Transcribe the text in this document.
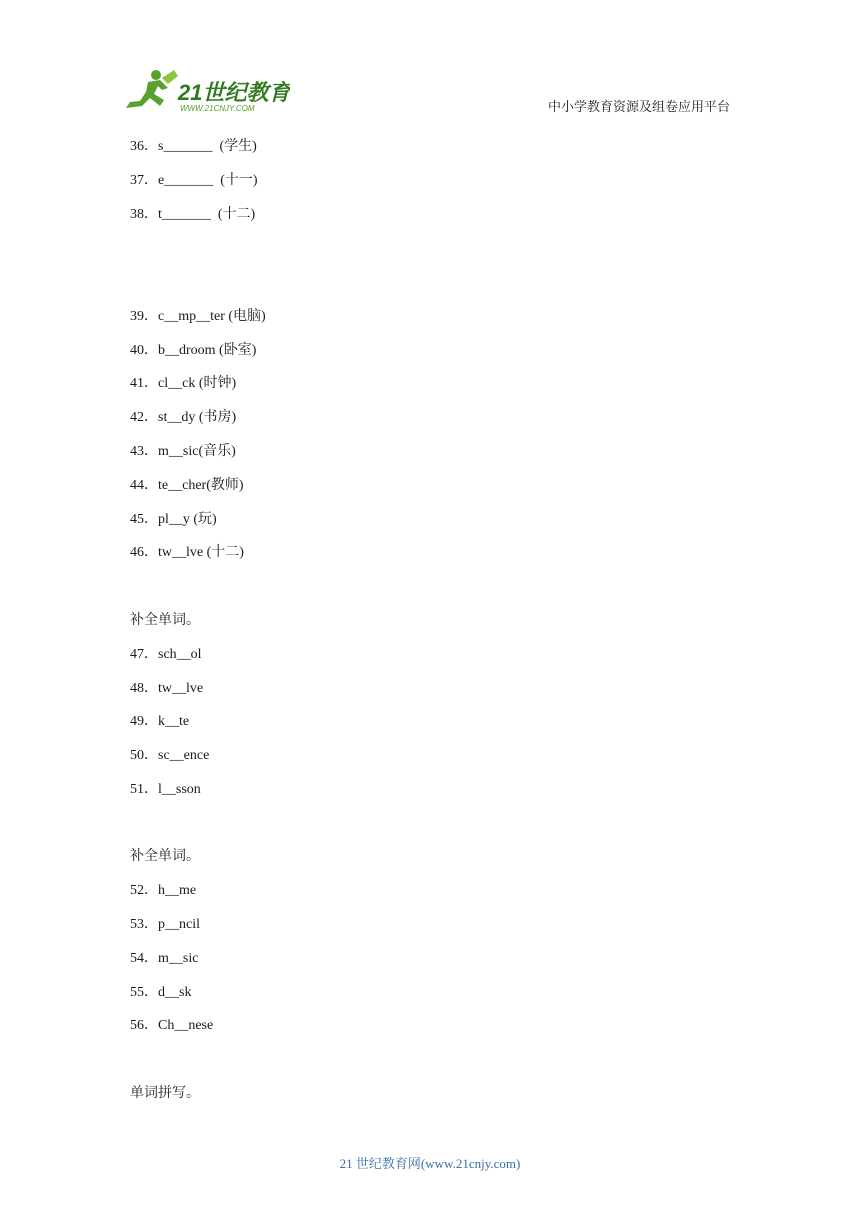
21世纪教育
WWW.21CNJY.COM	中小学教育资源及组卷应用平台
36．s_______  (学生)
37．e_______  (十一)
38．t_______  (十二)
39．c__mp__ter (电脑)
40．b__droom (卧室)
41．cl__ck (时钟)
42．st__dy (书房)
43．m__sic(音乐)
44．te__cher(教师)
45．pl__y (玩)
46．tw__lve (十二)
补全单词。
47．sch__ol
48．tw__lve
49．k__te
50．sc__ence
51．l__sson
补全单词。
52．h__me
53．p__ncil
54．m__sic
55．d__sk
56．Ch__nese
单词拼写。
21 世纪教育网(www.21cnjy.com)
